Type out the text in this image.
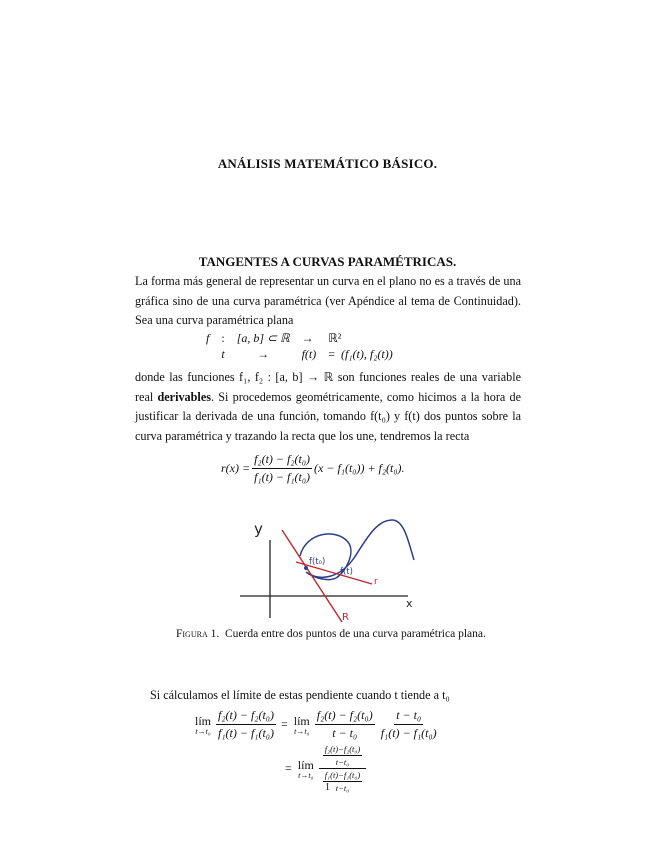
ANÁLISIS MATEMÁTICO BÁSICO.
TANGENTES A CURVAS PARAMÉTRICAS.
La forma más general de representar un curva en el plano no es a través de una gráfica sino de una curva paramétrica (ver Apéndice al tema de Continuidad). Sea una curva paramétrica plana
f	:	[a, b] ⊂ ℝ	→	ℝ²
	t	→	f(t)	= (f₁(t), f₂(t))
donde las funciones f₁, f₂ : [a, b] → ℝ son funciones reales de una variable real derivables. Si procedemos geométricamente, como hicimos a la hora de justificar la derivada de una función, tomando f(t₀) y f(t) dos puntos sobre la curva paramétrica y trazando la recta que los une, tendremos la recta
$r(x) = \frac{\text{f₂(t) − f₂(t₀)}}{\text{f₁(t) − f₁(t₀)}} (x - f_1(t_0)) + f_2(t_0)$.
y
x
f(t₀)
f(t)
r
R
Figura 1. Cuerda entre dos puntos de una curva paramétrica plana.
Si cálculamos el límite de estas pendiente cuando t tiende a t₀
lím
$t\to t_0 \frac{\text{f₂(t) − f₂(t₀)}}{\text{f₁(t) − f₁(t₀)}}$ = lím
$t\to t_0 \frac{\text{f₂(t) − f₂(t₀)}}{\text{t − t₀}} \frac{\text{t − t₀}}{\text{f₁(t) − f₁(t₀)}}$
= lím
$t\to t_0 \frac{\frac{\text{f₂(t)−f₂(t₀)}}{\text{t−t₀}}}{\frac{\text{f₁(t)−f₁(t₀)}}{\text{t−t₀}}}$
1
